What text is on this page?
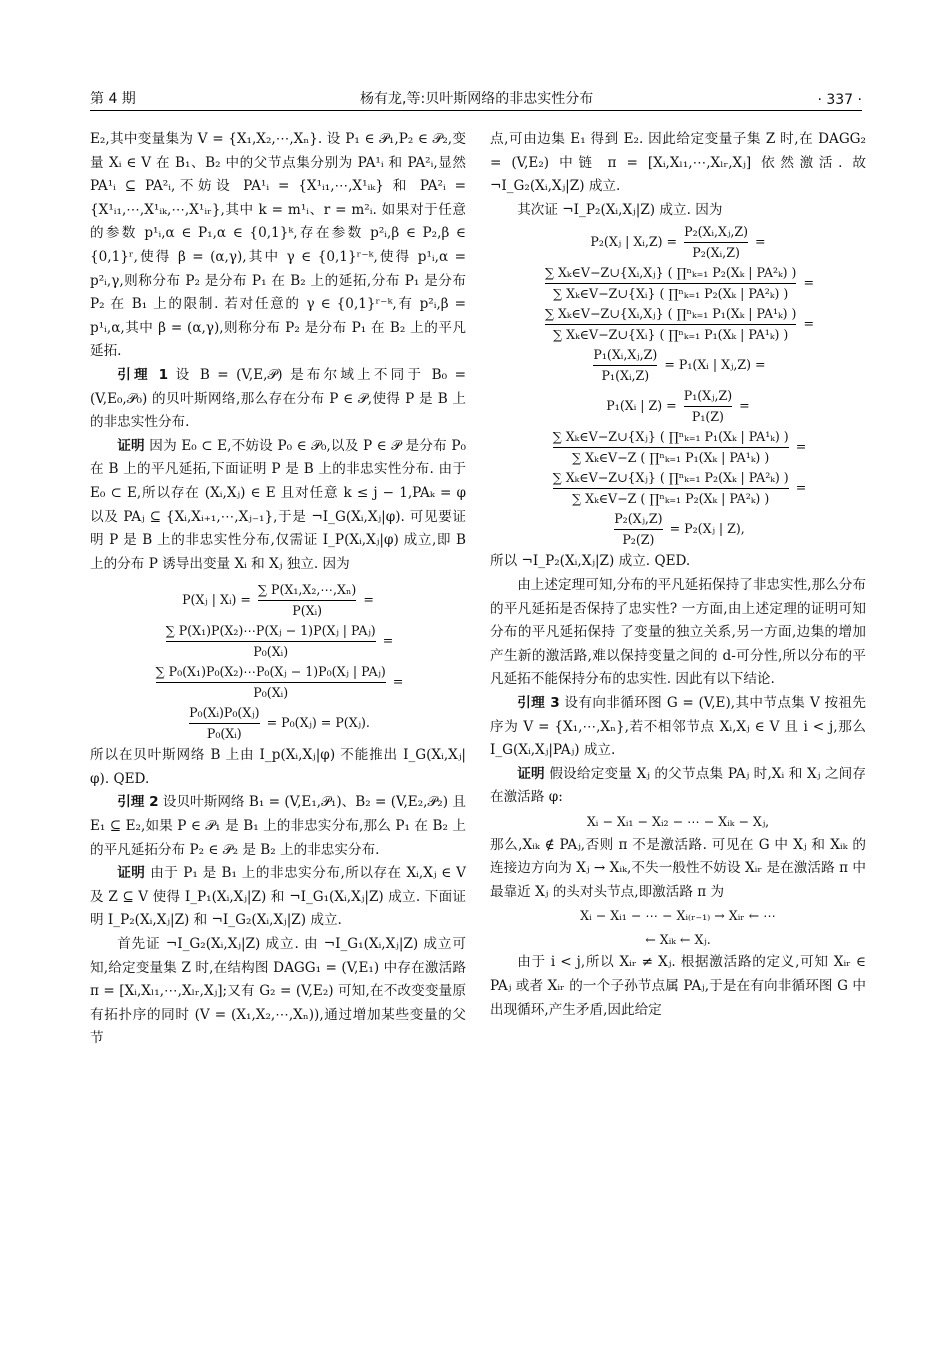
第 4 期	杨有龙,等:贝叶斯网络的非忠实性分布	· 337 ·

E₂,其中变量集为 V = {X₁,X₂,⋯,Xₙ}. 设 P₁ ∈ 𝒫₁,P₂ ∈ 𝒫₂,变量 Xᵢ ∈ V 在 B₁、B₂ 中的父节点集分别为 PA¹ᵢ 和 PA²ᵢ,显然 PA¹ᵢ ⊆ PA²ᵢ,不妨设 PA¹ᵢ = {X¹ᵢ₁,⋯,X¹ᵢₖ} 和 PA²ᵢ = {X¹ᵢ₁,⋯,X¹ᵢₖ,⋯,X¹ᵢᵣ},其中 k = m¹ᵢ、r = m²ᵢ. 如果对于任意的参数 p¹ᵢ,α ∈ P₁,α ∈ {0,1}ᵏ,存在参数 p²ᵢ,β ∈ P₂,β ∈ {0,1}ʳ,使得 β = (α,γ),其中 γ ∈ {0,1}ʳ⁻ᵏ,使得 p¹ᵢ,α = p²ᵢ,γ,则称分布 P₂ 是分布 P₁ 在 B₂ 上的延拓,分布 P₁ 是分布 P₂ 在 B₁ 上的限制. 若对任意的 γ ∈ {0,1}ʳ⁻ᵏ,有 p²ᵢ,β = p¹ᵢ,α,其中 β = (α,γ),则称分布 P₂ 是分布 P₁ 在 B₂ 上的平凡延拓.

引理 1 设 B = (V,E,𝒫) 是布尔域上不同于 B₀ = (V,E₀,𝒫₀) 的贝叶斯网络,那么存在分布 P ∈ 𝒫,使得 P 是 B 上的非忠实性分布.

证明 因为 E₀ ⊂ E,不妨设 P₀ ∈ 𝒫₀,以及 P ∈ 𝒫 是分布 P₀ 在 B 上的平凡延拓,下面证明 P 是 B 上的非忠实性分布. 由于 E₀ ⊂ E,所以存在 (Xᵢ,Xⱼ) ∈ E 且对任意 k ≤ j − 1,PAₖ = φ 以及 PAⱼ ⊆ {Xᵢ,Xᵢ₊₁,⋯,Xⱼ₋₁},于是 ¬I_G(Xᵢ,Xⱼ|φ). 可见要证明 P 是 B 上的非忠实性分布,仅需证 I_P(Xᵢ,Xⱼ|φ) 成立,即 B 上的分布 P 诱导出变量 Xᵢ 和 Xⱼ 独立. 因为

P(Xⱼ | Xᵢ) = $\frac{\text{∑ P(X₁,X₂,⋯,Xₙ)}}{\text{P(Xᵢ)}}$ =
$\frac{\text{∑ P(X₁)P(X₂)⋯P(Xⱼ − 1)P(Xⱼ | PAⱼ)}}{\text{P₀(Xᵢ)}}$ =
$\frac{\text{∑ P₀(X₁)P₀(X₂)⋯P₀(Xⱼ − 1)P₀(Xⱼ | PAⱼ)}}{\text{P₀(Xᵢ)}}$ =
$\frac{\text{P₀(Xᵢ)P₀(Xⱼ)}}{\text{P₀(Xᵢ)}}$ = P₀(Xⱼ) = P(Xⱼ).

所以在贝叶斯网络 B 上由 I_p(Xᵢ,Xⱼ|φ) 不能推出 I_G(Xᵢ,Xⱼ|φ). QED.

引理 2 设贝叶斯网络 B₁ = (V,E₁,𝒫₁)、B₂ = (V,E₂,𝒫₂) 且 E₁ ⊆ E₂,如果 P ∈ 𝒫₁ 是 B₁ 上的非忠实分布,那么 P₁ 在 B₂ 上的平凡延拓分布 P₂ ∈ 𝒫₂ 是 B₂ 上的非忠实分布.

证明 由于 P₁ 是 B₁ 上的非忠实分布,所以存在 Xᵢ,Xⱼ ∈ V 及 Z ⊆ V 使得 I_P₁(Xᵢ,Xⱼ|Z) 和 ¬I_G₁(Xᵢ,Xⱼ|Z) 成立. 下面证明 I_P₂(Xᵢ,Xⱼ|Z) 和 ¬I_G₂(Xᵢ,Xⱼ|Z) 成立.

首先证 ¬I_G₂(Xᵢ,Xⱼ|Z) 成立. 由 ¬I_G₁(Xᵢ,Xⱼ|Z) 成立可知,给定变量集 Z 时,在结构图 DAGG₁ = (V,E₁) 中存在激活路 π = [Xᵢ,Xₗ₁,⋯,Xₗᵣ,Xⱼ];又有 G₂ = (V,E₂) 可知,在不改变变量原有拓扑序的同时 (V = (X₁,X₂,⋯,Xₙ)),通过增加某些变量的父节

点,可由边集 E₁ 得到 E₂. 因此给定变量子集 Z 时,在 DAGG₂ = (V,E₂) 中链 π = [Xᵢ,Xₗ₁,⋯,Xₗᵣ,Xⱼ] 依然激活. 故 ¬I_G₂(Xᵢ,Xⱼ|Z) 成立.

其次证 ¬I_P₂(Xᵢ,Xⱼ|Z) 成立. 因为

P₂(Xⱼ | Xᵢ,Z) = $\frac{\text{P₂(Xᵢ,Xⱼ,Z)}}{\text{P₂(Xᵢ,Z)}}$ =
$\frac{\text{∑ Xₖ∈V−Z∪\{Xᵢ,Xⱼ\} ( ∏ⁿₖ₌₁ P₂(Xₖ | PA²ₖ) )}}{\text{∑ Xₖ∈V−Z∪\{Xᵢ\} ( ∏ⁿₖ₌₁ P₂(Xₖ | PA²ₖ) )}}$ =
$\frac{\text{∑ Xₖ∈V−Z∪\{Xᵢ,Xⱼ\} ( ∏ⁿₖ₌₁ P₁(Xₖ | PA¹ₖ) )}}{\text{∑ Xₖ∈V−Z∪\{Xᵢ\} ( ∏ⁿₖ₌₁ P₁(Xₖ | PA¹ₖ) )}}$ =
$\frac{\text{P₁(Xᵢ,Xⱼ,Z)}}{\text{P₁(Xᵢ,Z)}}$ = P₁(Xᵢ | Xⱼ,Z) =
P₁(Xᵢ | $Z) = \frac{\text{P₁(Xⱼ,Z)}}{\text{P₁(Z)}}$ =
$\frac{\text{∑ Xₖ∈V−Z∪\{Xⱼ\} ( ∏ⁿₖ₌₁ P₁(Xₖ | PA¹ₖ) )}}{\text{∑ Xₖ∈V−Z ( ∏ⁿₖ₌₁ P₁(Xₖ | PA¹ₖ) )}}$ =
$\frac{\text{∑ Xₖ∈V−Z∪\{Xⱼ\} ( ∏ⁿₖ₌₁ P₂(Xₖ | PA²ₖ) )}}{\text{∑ Xₖ∈V−Z ( ∏ⁿₖ₌₁ P₂(Xₖ | PA²ₖ) )}}$ =
$\frac{\text{P₂(Xⱼ,Z)}}{\text{P₂(Z)}}$ = P₂(Xⱼ | Z),

所以 ¬I_P₂(Xᵢ,Xⱼ|Z) 成立. QED.

由上述定理可知,分布的平凡延拓保持了非忠实性,那么分布的平凡延拓是否保持了忠实性? 一方面,由上述定理的证明可知分布的平凡延拓保持 了变量的独立关系,另一方面,边集的增加产生新的激活路,难以保持变量之间的 d-可分性,所以分布的平凡延拓不能保持分布的忠实性. 因此有以下结论.

引理 3 设有向非循环图 G = (V,E),其中节点集 V 按祖先序为 V = {X₁,⋯,Xₙ},若不相邻节点 Xᵢ,Xⱼ ∈ V 且 i < j,那么 I_G(Xᵢ,Xⱼ|PAⱼ) 成立.

证明 假设给定变量 Xⱼ 的父节点集 PAⱼ 时,Xᵢ 和 Xⱼ 之间存在激活路 φ:

Xᵢ − Xᵢ₁ − Xᵢ₂ − ⋯ − Xᵢₖ − Xⱼ,

那么,Xᵢₖ ∉ PAⱼ,否则 π 不是激活路. 可见在 G 中 Xⱼ 和 Xᵢₖ 的连接边方向为 Xⱼ → Xᵢₖ,不失一般性不妨设 Xᵢᵣ 是在激活路 π 中最靠近 Xⱼ 的头对头节点,即激活路 π 为

Xᵢ − Xᵢ₁ − ⋯ − Xᵢ₍ᵣ₋₁₎ → Xᵢᵣ ← ⋯

← Xᵢₖ ← Xⱼ.

由于 i < j,所以 Xᵢᵣ ≠ Xⱼ. 根据激活路的定义,可知 Xᵢᵣ ∈ PAⱼ 或者 Xᵢᵣ 的一个子孙节点属 PAⱼ,于是在有向非循环图 G 中出现循环,产生矛盾,因此给定
